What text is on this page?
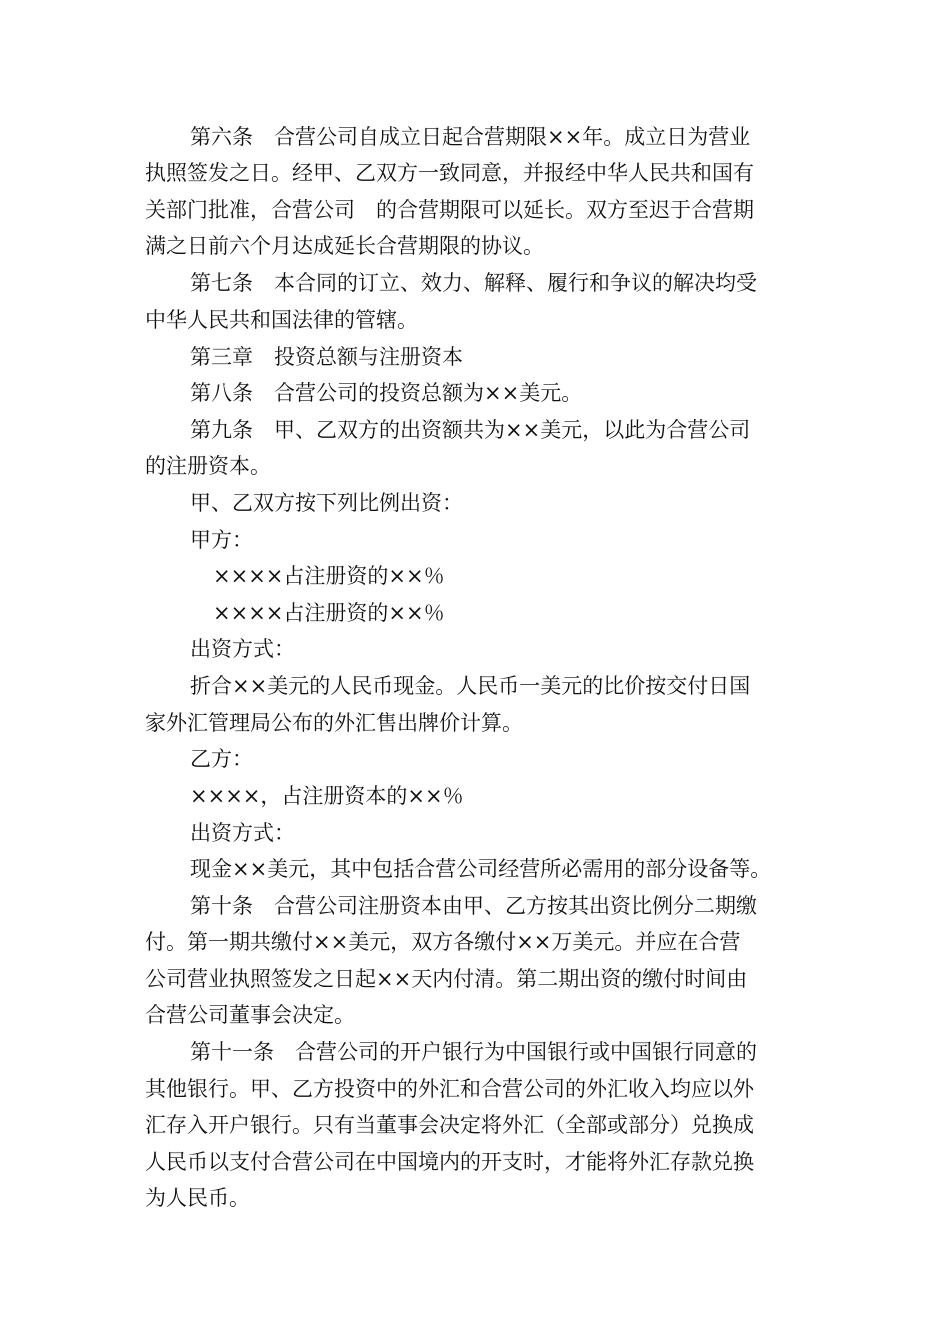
第六条　合营公司自成立日起合营期限××年。成立日为营业

执照签发之日。经甲、乙双方一致同意，并报经中华人民共和国有

关部门批准，合营公司　的合营期限可以延长。双方至迟于合营期

满之日前六个月达成延长合营期限的协议。

第七条　本合同的订立、效力、解释、履行和争议的解决均受

中华人民共和国法律的管辖。

第三章　投资总额与注册资本

第八条　合营公司的投资总额为××美元。

第九条　甲、乙双方的出资额共为××美元，以此为合营公司

的注册资本。

甲、乙双方按下列比例出资：

甲方：

××××占注册资的××％

××××占注册资的××％

出资方式：

折合××美元的人民币现金。人民币一美元的比价按交付日国

家外汇管理局公布的外汇售出牌价计算。

乙方：

××××，占注册资本的××％

出资方式：

现金××美元，其中包括合营公司经营所必需用的部分设备等。

第十条　合营公司注册资本由甲、乙方按其出资比例分二期缴

付。第一期共缴付××美元，双方各缴付××万美元。并应在合营

公司营业执照签发之日起××天内付清。第二期出资的缴付时间由

合营公司董事会决定。

第十一条　合营公司的开户银行为中国银行或中国银行同意的

其他银行。甲、乙方投资中的外汇和合营公司的外汇收入均应以外

汇存入开户银行。只有当董事会决定将外汇（全部或部分）兑换成

人民币以支付合营公司在中国境内的开支时，才能将外汇存款兑换

为人民币。
